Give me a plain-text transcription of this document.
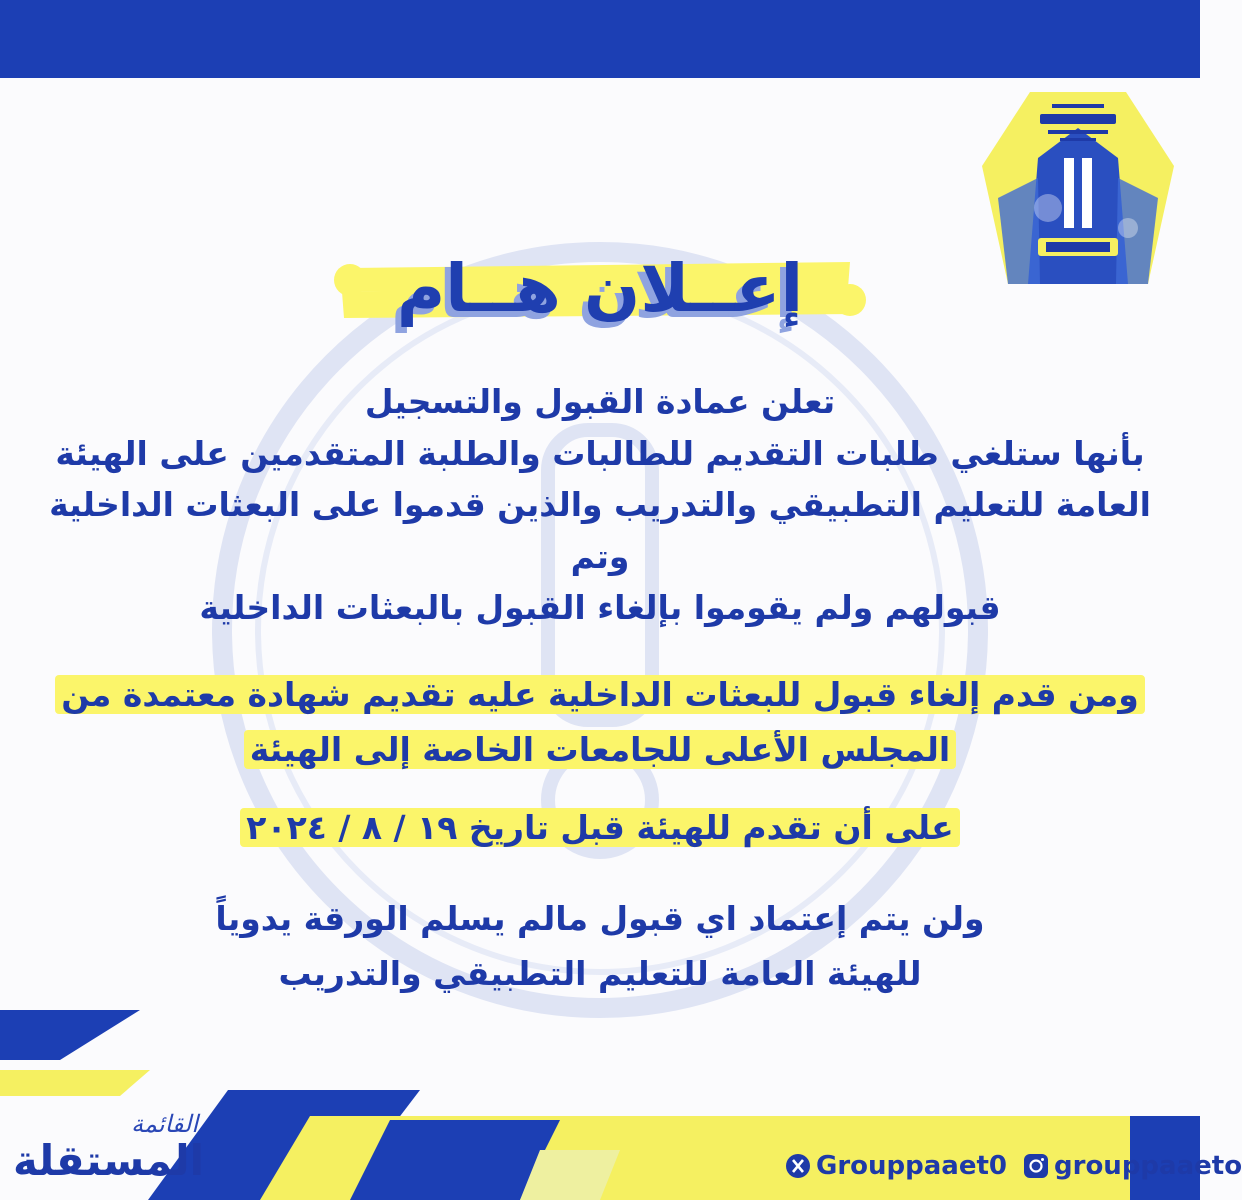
إعــلان هــام
تعلن عمادة القبول والتسجيل
بأنها ستلغي طلبات التقديم للطالبات والطلبة المتقدمين على الهيئة
العامة للتعليم التطبيقي والتدريب والذين قدموا على البعثات الداخلية وتم
قبولهم ولم يقوموا بإلغاء القبول بالبعثات الداخلية
ومن قدم إلغاء قبول للبعثات الداخلية عليه تقديم شهادة معتمدة من
المجلس الأعلى للجامعات الخاصة إلى الهيئة
على أن تقدم للهيئة قبل تاريخ ١٩ / ٨ / ٢٠٢٤
ولن يتم إعتماد اي قبول مالم يسلم الورقة يدوياً
للهيئة العامة للتعليم التطبيقي والتدريب
القائمة
المستقلة	Grouppaaet0 grouppaaeto
